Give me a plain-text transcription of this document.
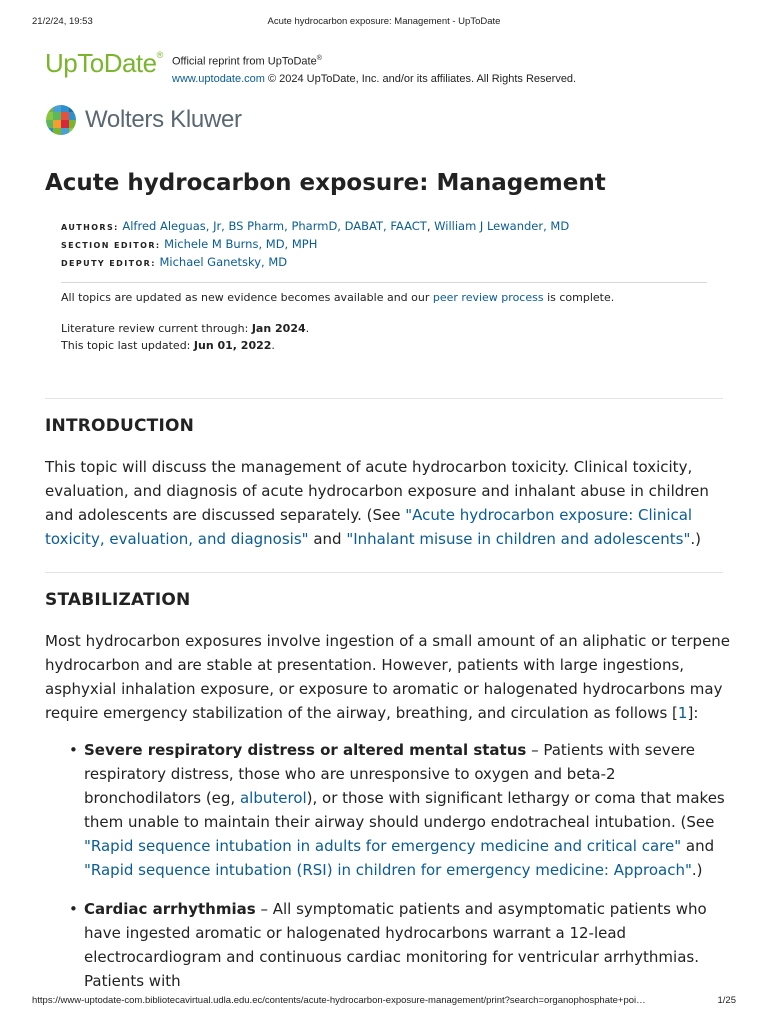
21/2/24, 19:53	Acute hydrocarbon exposure: Management - UpToDate
UpToDate®
Official reprint from UpToDate®
www.uptodate.com © 2024 UpToDate, Inc. and/or its affiliates. All Rights Reserved.
Wolters Kluwer
Acute hydrocarbon exposure: Management
AUTHORS: Alfred Aleguas, Jr, BS Pharm, PharmD, DABAT, FAACT, William J Lewander, MD
SECTION EDITOR: Michele M Burns, MD, MPH
DEPUTY EDITOR: Michael Ganetsky, MD
All topics are updated as new evidence becomes available and our peer review process is complete.
Literature review current through: Jan 2024.
This topic last updated: Jun 01, 2022.
INTRODUCTION

This topic will discuss the management of acute hydrocarbon toxicity. Clinical toxicity, evaluation, and diagnosis of acute hydrocarbon exposure and inhalant abuse in children and adolescents are discussed separately. (See "Acute hydrocarbon exposure: Clinical toxicity, evaluation, and diagnosis" and "Inhalant misuse in children and adolescents".)

STABILIZATION

Most hydrocarbon exposures involve ingestion of a small amount of an aliphatic or terpene hydrocarbon and are stable at presentation. However, patients with large ingestions, asphyxial inhalation exposure, or exposure to aromatic or halogenated hydrocarbons may require emergency stabilization of the airway, breathing, and circulation as follows [1]:

• Severe respiratory distress or altered mental status – Patients with severe respiratory distress, those who are unresponsive to oxygen and beta-2 bronchodilators (eg, albuterol), or those with significant lethargy or coma that makes them unable to maintain their airway should undergo endotracheal intubation. (See "Rapid sequence intubation in adults for emergency medicine and critical care" and "Rapid sequence intubation (RSI) in children for emergency medicine: Approach".)
• Cardiac arrhythmias – All symptomatic patients and asymptomatic patients who have ingested aromatic or halogenated hydrocarbons warrant a 12-lead electrocardiogram and continuous cardiac monitoring for ventricular arrhythmias. Patients with
https://www-uptodate-com.bibliotecavirtual.udla.edu.ec/contents/acute-hydrocarbon-exposure-management/print?search=organophosphate+poi…	1/25
